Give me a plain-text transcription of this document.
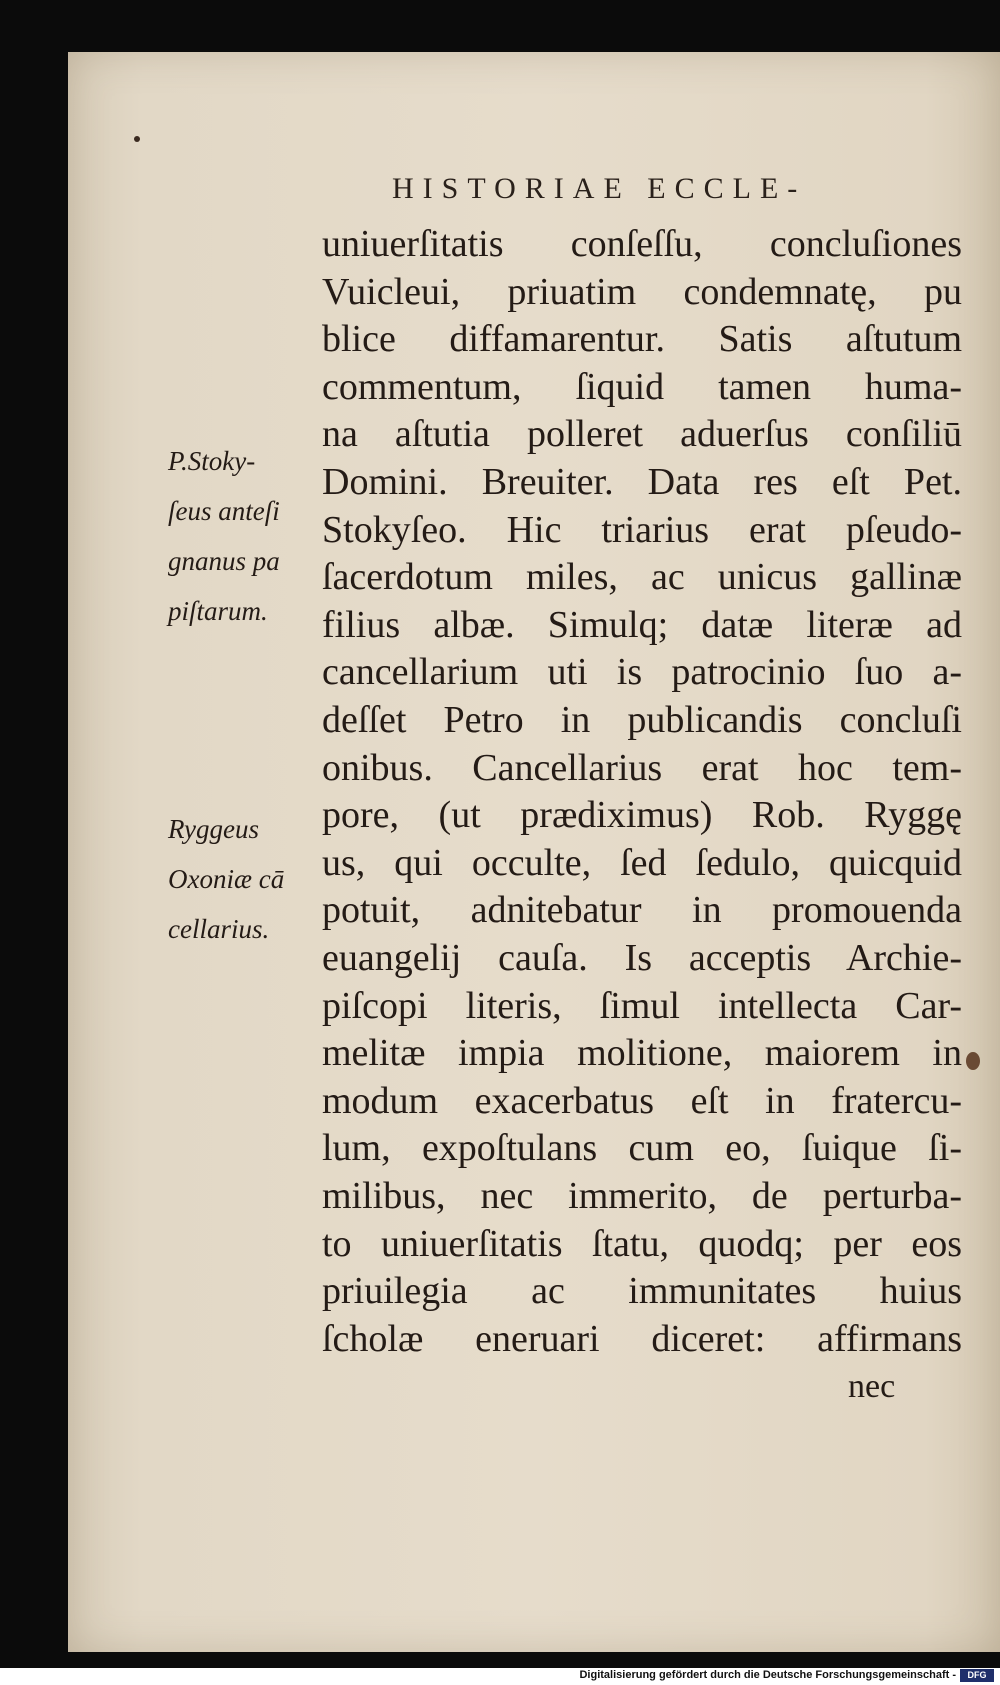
HISTORIAE ECCLE-
uniuerſitatis conſeſſu, concluſiones
Vuicleui, priuatim condemnatę, pu
blice diffamarentur. Satis aſtutum
commentum, ſiquid tamen huma-
na aſtutia polleret aduerſus conſiliū
Domini. Breuiter. Data res eſt Pet.
Stokyſeo. Hic triarius erat pſeudo-
ſacerdotum miles, ac unicus gallinæ
filius albæ. Simulq; datæ literæ ad
cancellarium uti is patrocinio ſuo a-
deſſet Petro in publicandis concluſi
onibus. Cancellarius erat hoc tem-
pore, (ut prædiximus) Rob. Ryggę
us, qui occulte, ſed ſedulo, quicquid
potuit, adnitebatur in promouenda
euangelij cauſa. Is acceptis Archie-
piſcopi literis, ſimul intellecta Car-
melitæ impia molitione, maiorem in
modum exacerbatus eſt in fratercu-
lum, expoſtulans cum eo, ſuique ſi-
milibus, nec immerito, de perturba-
to uniuerſitatis ſtatu, quodq; per eos
priuilegia ac immunitates huius
ſcholæ eneruari diceret: affirmans
nec
P.Stoky-
ſeus anteſi
gnanus pa
piſtarum.
Ryggeus
Oxoniæ cā
cellarius.
Digitalisierung gefördert durch die Deutsche Forschungsgemeinschaft -	DFG
